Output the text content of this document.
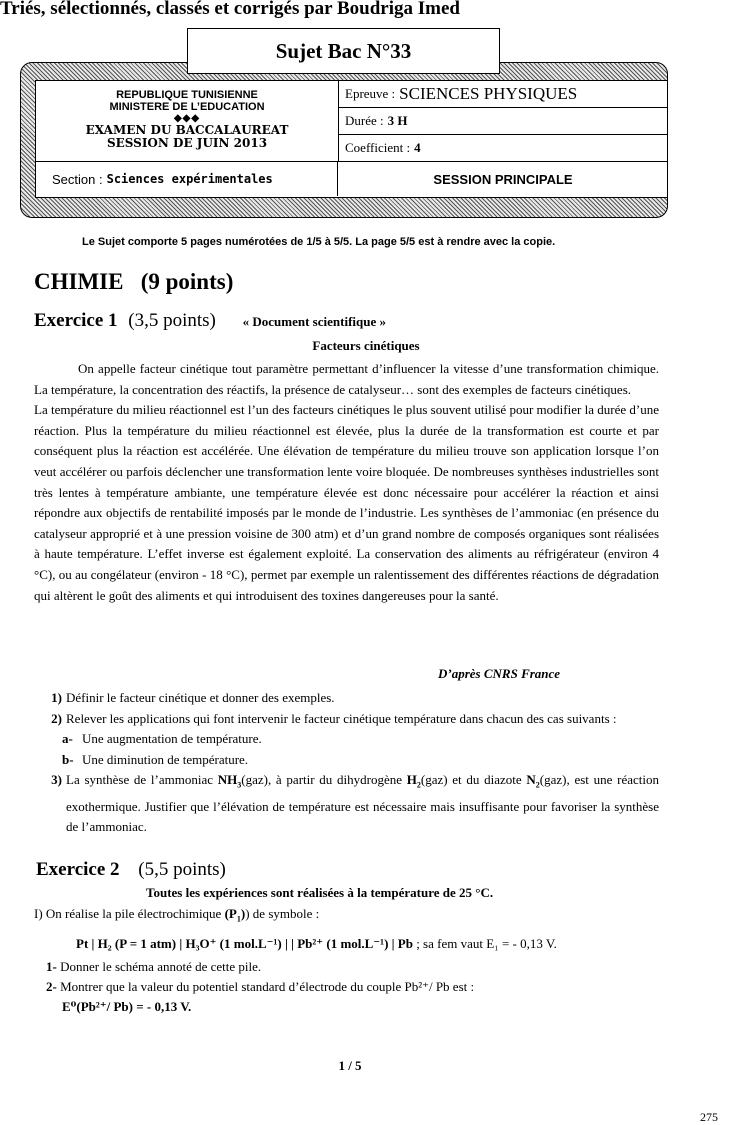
Triés, sélectionnés, classés et corrigés par Boudriga Imed
Sujet Bac N°33
REPUBLIQUE TUNISIENNE
MINISTERE DE L’EDUCATION
◆◆◆
EXAMEN DU BACCALAUREAT
SESSION DE JUIN 2013
Epreuve : SCIENCES PHYSIQUES
Durée : 3 H
Coefficient : 4
Section : Sciences expérimentales	SESSION PRINCIPALE
Le Sujet comporte 5 pages numérotées de 1/5 à 5/5. La page 5/5 est à rendre avec la copie.
CHIMIE   (9 points)
Exercice 1 (3,5 points) « Document scientifique »
Facteurs cinétiques

On appelle facteur cinétique tout paramètre permettant d’influencer la vitesse d’une transformation chimique. La température, la concentration des réactifs, la présence de catalyseur… sont des exemples de facteurs cinétiques.

La température du milieu réactionnel est l’un des facteurs cinétiques le plus souvent utilisé pour modifier la durée d’une réaction. Plus la température du milieu réactionnel est élevée, plus la durée de la transformation est courte et par conséquent plus la réaction est accélérée. Une élévation de température du milieu trouve son application lorsque l’on veut accélérer ou parfois déclencher une transformation lente voire bloquée. De nombreuses synthèses industrielles sont très lentes à température ambiante, une température élevée est donc nécessaire pour accélérer la réaction et ainsi répondre aux objectifs de rentabilité imposés par le monde de l’industrie. Les synthèses de l’ammoniac (en présence du catalyseur approprié et à une pression voisine de 300 atm) et d’un grand nombre de composés organiques sont réalisées à haute température. L’effet inverse est également exploité. La conservation des aliments au réfrigérateur (environ 4 °C), ou au congélateur (environ - 18 °C), permet par exemple un ralentissement des différentes réactions de dégradation qui altèrent le goût des aliments et qui introduisent des toxines dangereuses pour la santé.

D’après CNRS France
1) Définir le facteur cinétique et donner des exemples.
2) Relever les applications qui font intervenir le facteur cinétique température dans chacun des cas suivants :
a- Une augmentation de température.
b- Une diminution de température.
3) La synthèse de l’ammoniac $NH_3(gaz)$, à partir du dihydrogène $H_2(gaz)$ et du diazote $N_2(gaz)$, est une réaction exothermique. Justifier que l’élévation de température est nécessaire mais insuffisante pour favoriser la synthèse de l’ammoniac.
Exercice 2 (5,5 points)
Toutes les expériences sont réalisées à la température de 25 °C.
I) On réalise la pile électrochimique $(P_1)$) de symbole :
Pt | H₂ (P = 1 atm) | H₃O⁺ (1 mol.L⁻¹) | | Pb²⁺ (1 mol.L⁻¹) | Pb ; sa fem vaut E₁ = - 0,13 V.
1- Donner le schéma annoté de cette pile.
2- Montrer que la valeur du potentiel standard d’électrode du couple Pb²⁺/ Pb est :
E⁰(Pb²⁺/ Pb) = - 0,13 V.
1 / 5
275
